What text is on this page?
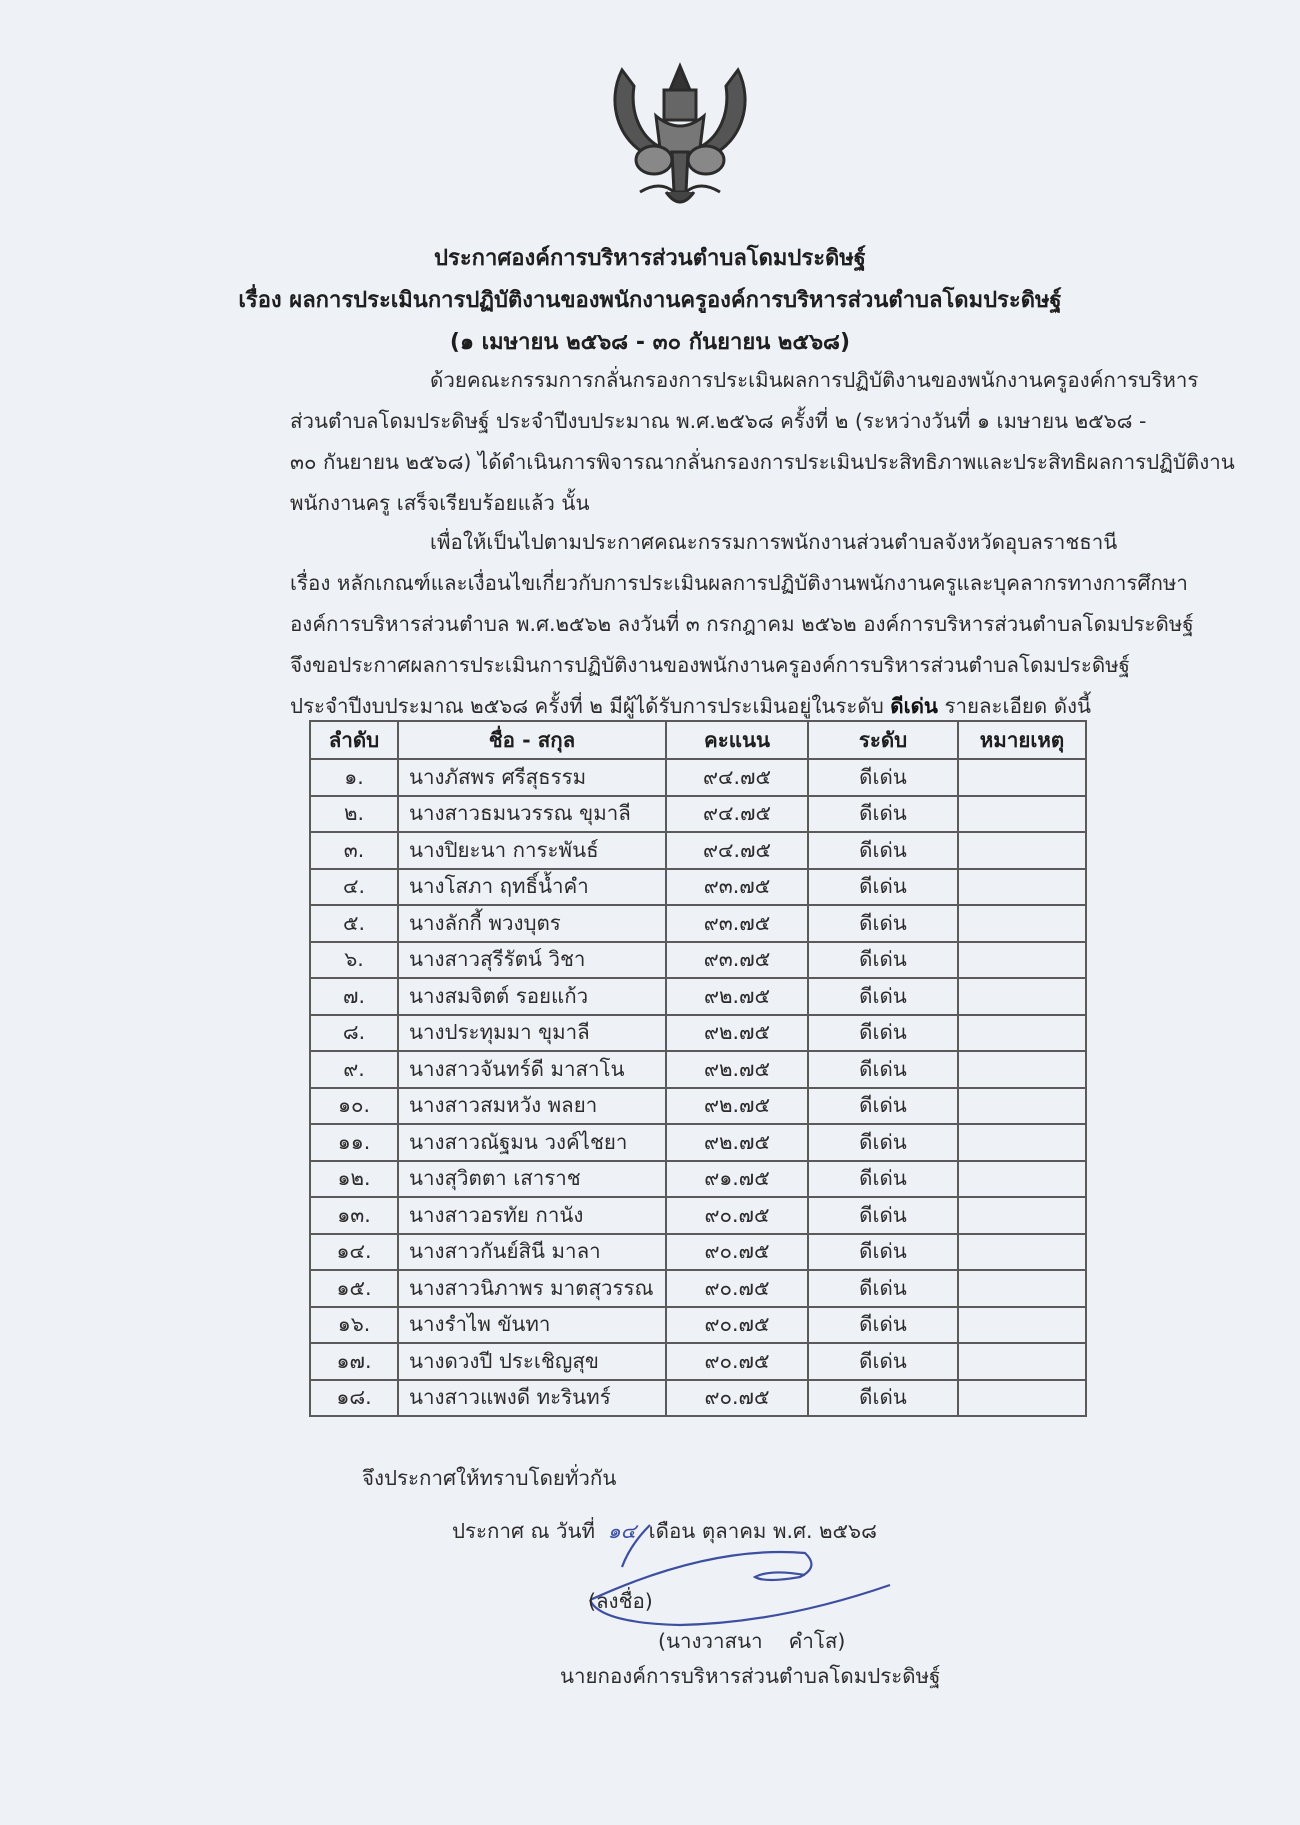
ประกาศองค์การบริหารส่วนตำบลโดมประดิษฐ์
เรื่อง ผลการประเมินการปฏิบัติงานของพนักงานครูองค์การบริหารส่วนตำบลโดมประดิษฐ์
(๑ เมษายน ๒๕๖๘ - ๓๐ กันยายน ๒๕๖๘)
ด้วยคณะกรรมการกลั่นกรองการประเมินผลการปฏิบัติงานของพนักงานครูองค์การบริหาร
ส่วนตำบลโดมประดิษฐ์ ประจำปีงบประมาณ พ.ศ.๒๕๖๘ ครั้งที่ ๒ (ระหว่างวันที่ ๑ เมษายน ๒๕๖๘ -
๓๐ กันยายน ๒๕๖๘) ได้ดำเนินการพิจารณากลั่นกรองการประเมินประสิทธิภาพและประสิทธิผลการปฏิบัติงาน
พนักงานครู เสร็จเรียบร้อยแล้ว นั้น
เพื่อให้เป็นไปตามประกาศคณะกรรมการพนักงานส่วนตำบลจังหวัดอุบลราชธานี
เรื่อง หลักเกณฑ์และเงื่อนไขเกี่ยวกับการประเมินผลการปฏิบัติงานพนักงานครูและบุคลากรทางการศึกษา
องค์การบริหารส่วนตำบล พ.ศ.๒๕๖๒ ลงวันที่ ๓ กรกฎาคม ๒๕๖๒ องค์การบริหารส่วนตำบลโดมประดิษฐ์
จึงขอประกาศผลการประเมินการปฏิบัติงานของพนักงานครูองค์การบริหารส่วนตำบลโดมประดิษฐ์
ประจำปีงบประมาณ ๒๕๖๘ ครั้งที่ ๒ มีผู้ได้รับการประเมินอยู่ในระดับ ดีเด่น รายละเอียด ดังนี้
ลำดับ	ชื่อ - สกุล	คะแนน	ระดับ	หมายเหตุ
๑.	นางภัสพร ศรีสุธรรม	๙๔.๗๕	ดีเด่น	
๒.	นางสาวธมนวรรณ ขุมาลี	๙๔.๗๕	ดีเด่น	
๓.	นางปิยะนา การะพันธ์	๙๔.๗๕	ดีเด่น	
๔.	นางโสภา ฤทธิ์น้ำคำ	๙๓.๗๕	ดีเด่น	
๕.	นางลักกี้ พวงบุตร	๙๓.๗๕	ดีเด่น	
๖.	นางสาวสุรีรัตน์ วิชา	๙๓.๗๕	ดีเด่น	
๗.	นางสมจิตต์ รอยแก้ว	๙๒.๗๕	ดีเด่น	
๘.	นางประทุมมา ขุมาลี	๙๒.๗๕	ดีเด่น	
๙.	นางสาวจันทร์ดี มาสาโน	๙๒.๗๕	ดีเด่น	
๑๐.	นางสาวสมหวัง พลยา	๙๒.๗๕	ดีเด่น	
๑๑.	นางสาวณัฐมน วงค์ไชยา	๙๒.๗๕	ดีเด่น	
๑๒.	นางสุวิตตา เสาราช	๙๑.๗๕	ดีเด่น	
๑๓.	นางสาวอรทัย กานัง	๙๐.๗๕	ดีเด่น	
๑๔.	นางสาวกันย์สินี มาลา	๙๐.๗๕	ดีเด่น	
๑๕.	นางสาวนิภาพร มาตสุวรรณ	๙๐.๗๕	ดีเด่น	
๑๖.	นางรำไพ ขันทา	๙๐.๗๕	ดีเด่น	
๑๗.	นางดวงปี ประเชิญสุข	๙๐.๗๕	ดีเด่น	
๑๘.	นางสาวแพงดี ทะรินทร์	๙๐.๗๕	ดีเด่น	
จึงประกาศให้ทราบโดยทั่วกัน
ประกาศ ณ วันที่ ๑๔ เดือน ตุลาคม พ.ศ. ๒๕๖๘
(ลงชื่อ)
(นางวาสนา    คำโส)
นายกองค์การบริหารส่วนตำบลโดมประดิษฐ์
